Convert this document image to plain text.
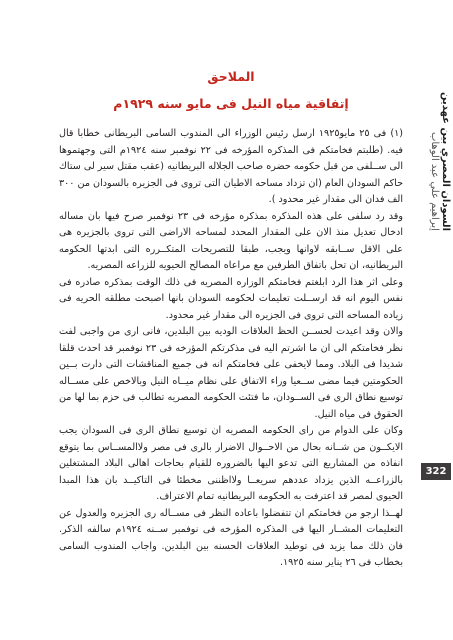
السودان المصري بين عهدين
إبراهيم علي عبد الوهاب
322
الملاحق
إتفاقية مياه النيل فى مايو سنه ١٩٢٩م

(١) فى ٢٥ مايو١٩٢٥ ارسل رئيس الوزراء الى المندوب السامى البريطانى خطابا قال فيه. (طلبتم فخامتكم فى المذكره المؤرخه فى ٢٢ نوفمبر سنه ١٩٢٤م التى وجهتموها الى ســلفى من قبل حكومه حضره صاحب الجلاله البريطانيه (عقب مقتل سير لى ستاك حاكم السودان العام (ان تزداد مساحه الاطيان التى تروى فى الجزيره بالسودان من ٣٠٠ الف فدان الى مقدار غير محدود ).

وقد رد سلفى على هذه المذكره بمذكره مؤرخه فى ٢٣ نوفمبر صرح فيها بان مساله ادخال تعديل منذ الان على المقدار المحدد لمساحه الاراضى التى تروى بالجزيره هى على الاقل ســابقه لاوانها ويجب، طبقا للتصريحات المتكــرره التى ابدتها الحكومه البريطانيه، ان تحل باتفاق الطرفين مع مراعاه المصالح الحيويه للزراعه المصريه.

وعلى اثر هذا الرد ابلغتم فخامتكم الوزاره المصريه فى ذلك الوقت بمذكره صادره فى نفس اليوم انه قد ارســلت تعليمات لحكومه السودان بانها اصبحت مطلقه الحريه فى زياده المساحه التى تروى فى الجزيره الى مقدار غير محدود.

والان وقد اعيدت لحســن الحظ العلاقات الوديه بين البلدين، فانى ارى من واجبى لفت نظر فخامتكم الى ان ما اشرتم اليه فى مذكرتكم المؤرخه فى ٢٣ نوفمبر قد احدث قلقا شديدا فى البلاد. ومما لايخفى على فخامتكم انه فى جميع المناقشات التى دارت بــين الحكومتين فيما مضى ســعيا وراء الاتفاق على نظام ميــاه النيل وبالاخص على مســاله توسيع نطاق الرى فى الســودان، ما فتئت الحكومه المصريه تطالب فى حزم بما لها من الحقوق فى مياه النيل.

وكان على الدوام من راى الحكومه المصريه ان توسيع نطاق الرى فى السودان يجب الايكــون من شــانه بحال من الاحــوال الاضرار بالرى فى مصر ولاالمســاس بما يتوقع انفاذه من المشاريع التى تدعو اليها بالضروره للقيام بحاجات اهالى البلاد المشتغلين بالزراعــه الذين يزداد عددهم سريعــا ولااظننى مخطئا فى التاكيــد بان هذا المبدا الحيوى لمصر قد اعترفت به الحكومه البريطانيه تمام الاعتراف.

لهــذا ارجو من فخامتكم ان تتفضلوا باعاده النظر فى مســاله رى الجزيره والعدول عن التعليمات المشــار اليها فى المذكره المؤرخه فى نوفمبر ســنه ١٩٢٤م سالفه الذكر. فان ذلك مما يزيد فى توطيد العلاقات الحسنه بين البلدين. واجاب المندوب السامى بخطاب فى ٢٦ يناير سنه ١٩٢٥.
